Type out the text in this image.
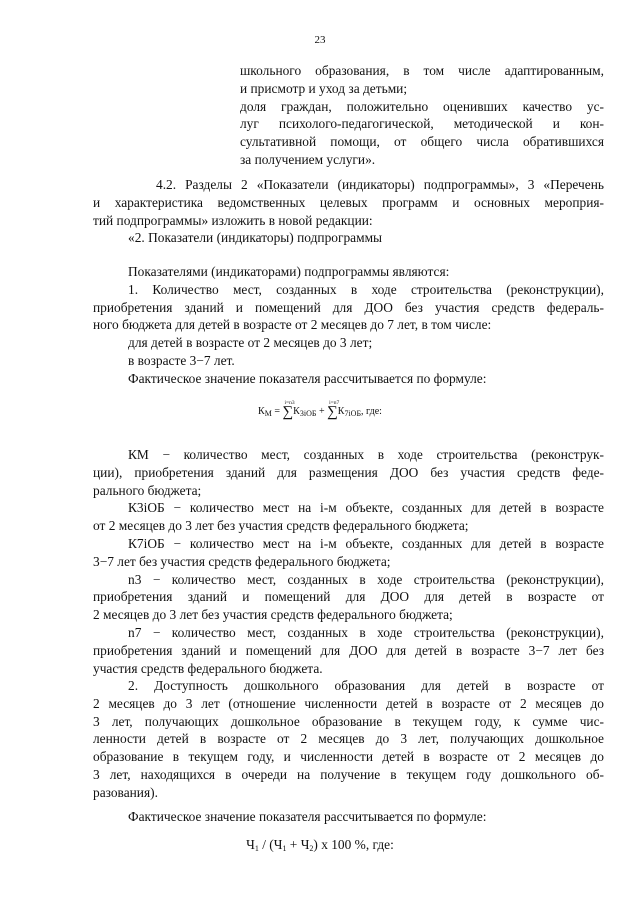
23

школьного образования, в том числе адаптированным,

и присмотр и уход за детьми;

доля граждан, положительно оценивших качество ус-

луг психолого-педагогической, методической и кон-

сультативной помощи, от общего числа обратившихся

за получением услуги».

4.2. Разделы 2 «Показатели (индикаторы) подпрограммы», 3 «Перечень

и характеристика ведомственных целевых программ и основных мероприя-

тий подпрограммы» изложить в новой редакции:

«2. Показатели (индикаторы) подпрограммы

Показателями (индикаторами) подпрограммы являются:

1. Количество мест, созданных в ходе строительства (реконструкции),

приобретения зданий и помещений для ДОО без участия средств федераль-

ного бюджета для детей в возрасте от 2 месяцев до 7 лет, в том числе:

для детей в возрасте от 2 месяцев до 3 лет;

в возрасте 3−7 лет.

Фактическое значение показателя рассчитывается по формуле:

$К_М$ = ∑
i=n3
$К_{3iОБ}$ + ∑
i=n7
$К_{7iОБ}$, где:

КМ − количество мест, созданных в ходе строительства (реконструк-

ции), приобретения зданий для размещения ДОО без участия средств феде-

рального бюджета;

К3iОБ − количество мест на i-м объекте, созданных для детей в возрасте

от 2 месяцев до 3 лет без участия средств федерального бюджета;

К7iОБ − количество мест на i-м объекте, созданных для детей в возрасте

3−7 лет без участия средств федерального бюджета;

n3 − количество мест, созданных в ходе строительства (реконструкции),

приобретения зданий и помещений для ДОО для детей в возрасте от

2 месяцев до 3 лет без участия средств федерального бюджета;

n7 − количество мест, созданных в ходе строительства (реконструкции),

приобретения зданий и помещений для ДОО для детей в возрасте 3−7 лет без

участия средств федерального бюджета.

2. Доступность дошкольного образования для детей в возрасте от

2 месяцев до 3 лет (отношение численности детей в возрасте от 2 месяцев до

3 лет, получающих дошкольное образование в текущем году, к сумме чис-

ленности детей в возрасте от 2 месяцев до 3 лет, получающих дошкольное

образование в текущем году, и численности детей в возрасте от 2 месяцев до

3 лет, находящихся в очереди на получение в текущем году дошкольного об-

разования).

Фактическое значение показателя рассчитывается по формуле:

$Ч_1 / (Ч_1 + Ч_2)$ х 100 %, где:
